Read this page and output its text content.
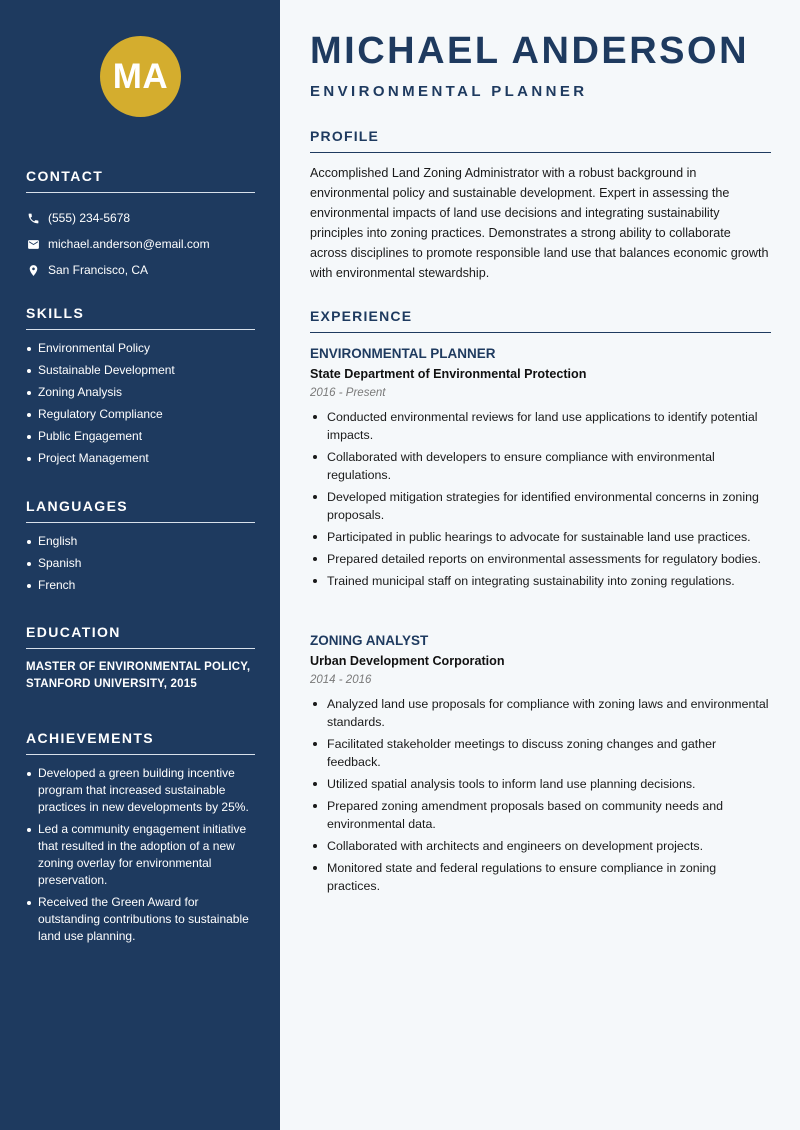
MA
CONTACT
(555) 234-5678
michael.anderson@email.com
San Francisco, CA
SKILLS
Environmental Policy
Sustainable Development
Zoning Analysis
Regulatory Compliance
Public Engagement
Project Management
LANGUAGES
English
Spanish
French
EDUCATION

MASTER OF ENVIRONMENTAL POLICY, STANFORD UNIVERSITY, 2015

ACHIEVEMENTS
Developed a green building incentive program that increased sustainable practices in new developments by 25%.
Led a community engagement initiative that resulted in the adoption of a new zoning overlay for environmental preservation.
Received the Green Award for outstanding contributions to sustainable land use planning.
MICHAEL ANDERSON
ENVIRONMENTAL PLANNER
PROFILE

Accomplished Land Zoning Administrator with a robust background in environmental policy and sustainable development. Expert in assessing the environmental impacts of land use decisions and integrating sustainability principles into zoning practices. Demonstrates a strong ability to collaborate across disciplines to promote responsible land use that balances economic growth with environmental stewardship.

EXPERIENCE
ENVIRONMENTAL PLANNER
State Department of Environmental Protection
2016 - Present
Conducted environmental reviews for land use applications to identify potential impacts.
Collaborated with developers to ensure compliance with environmental regulations.
Developed mitigation strategies for identified environmental concerns in zoning proposals.
Participated in public hearings to advocate for sustainable land use practices.
Prepared detailed reports on environmental assessments for regulatory bodies.
Trained municipal staff on integrating sustainability into zoning regulations.
ZONING ANALYST
Urban Development Corporation
2014 - 2016
Analyzed land use proposals for compliance with zoning laws and environmental standards.
Facilitated stakeholder meetings to discuss zoning changes and gather feedback.
Utilized spatial analysis tools to inform land use planning decisions.
Prepared zoning amendment proposals based on community needs and environmental data.
Collaborated with architects and engineers on development projects.
Monitored state and federal regulations to ensure compliance in zoning practices.
